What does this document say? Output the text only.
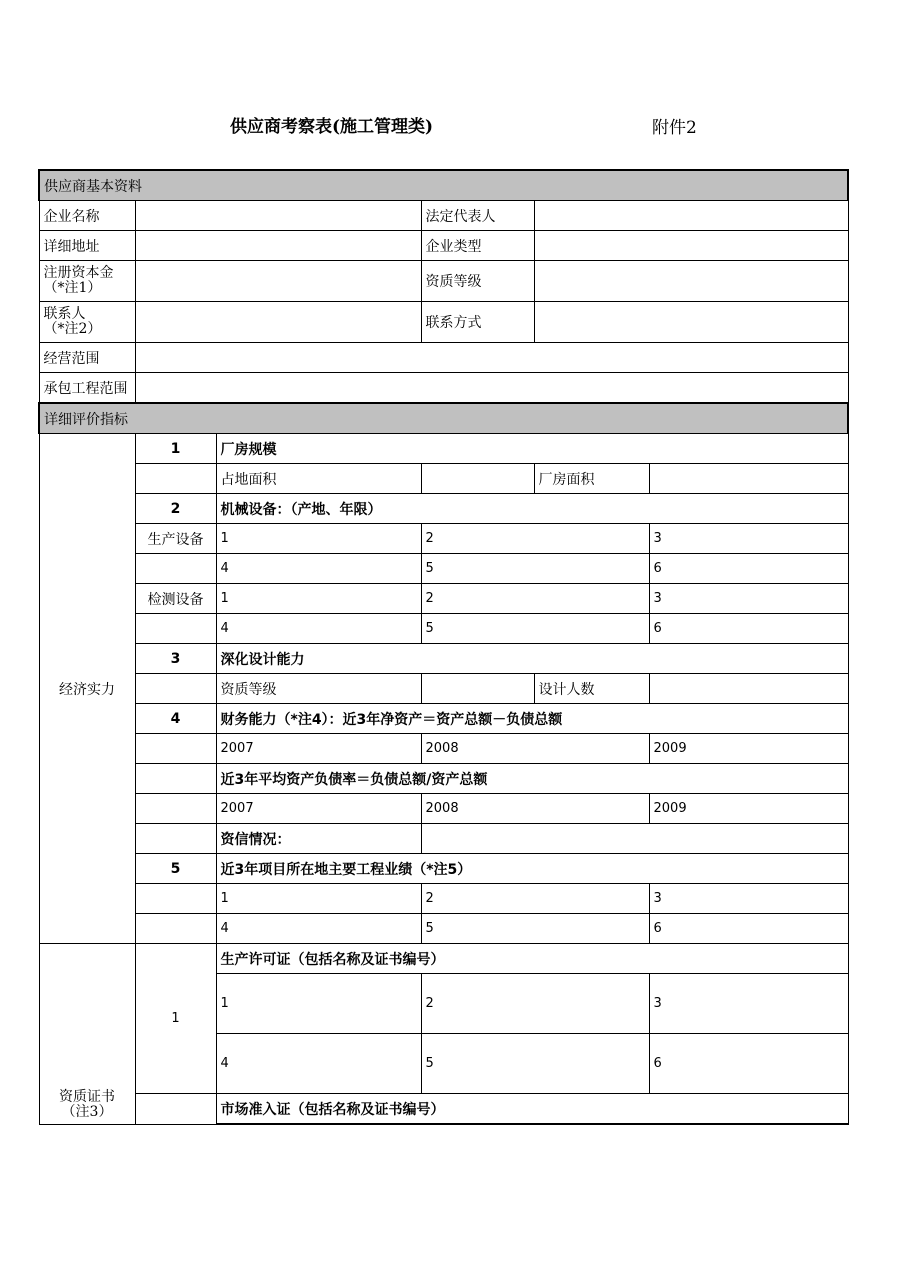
供应商考察表(施工管理类)	附件2
供应商基本资料					
企业名称			法定代表人		
详细地址			企业类型		

注册资本金
（*注1）			资质等级		

联系人
（*注2）			联系方式		
经营范围					
承包工程范围					
详细评价指标					
经济实力	1	厂房规模			
		占地面积		厂房面积	
	2	机械设备：（产地、年限）			
	生产设备	1	2		3
		4	5		6
	检测设备	1	2		3
		4	5		6
	3	深化设计能力			
		资质等级		设计人数	
	4	财务能力（*注4）：近3年净资产＝资产总额－负债总额			
		2007	2008		2009
		近3年平均资产负债率＝负债总额/资产总额			
		2007	2008		2009
		资信情况：			
	5	近3年项目所在地主要工程业绩（*注5）			
		1	2		3
		4	5		6

资质证书
（注3）	1	生产许可证（包括名称及证书编号）			
		1	2		3
		4	5		6
		市场准入证（包括名称及证书编号）			
